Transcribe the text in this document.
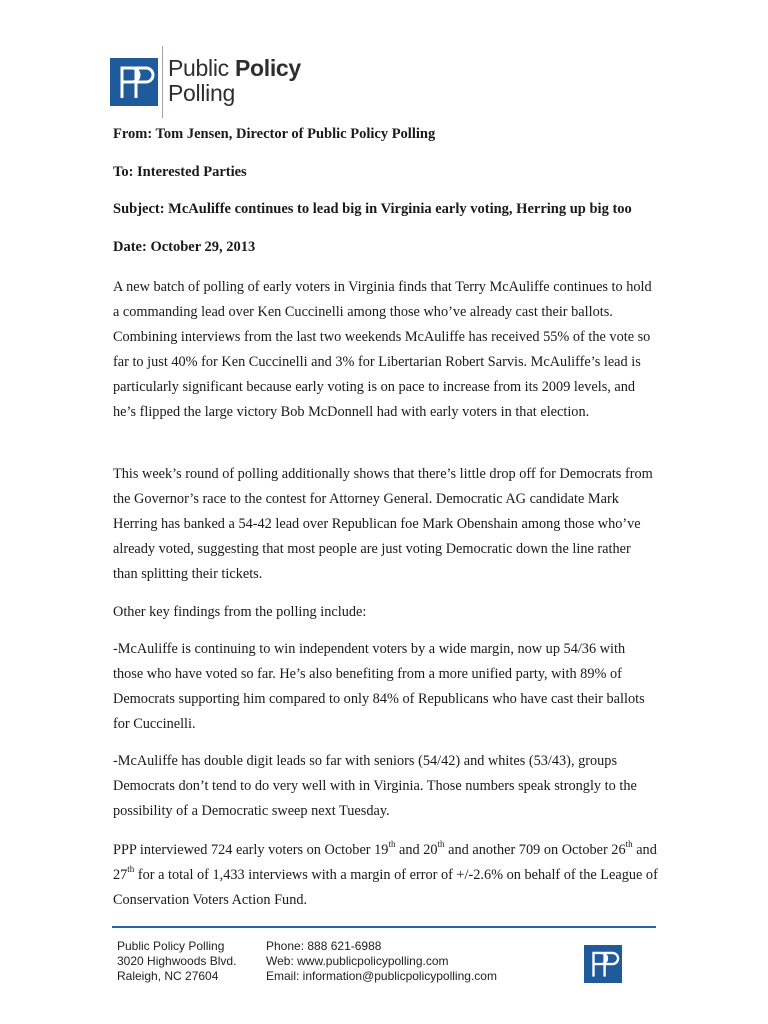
Public Policy
Polling
From: Tom Jensen, Director of Public Policy Polling
To: Interested Parties
Subject: McAuliffe continues to lead big in Virginia early voting, Herring up big too
Date: October 29, 2013

A new batch of polling of early voters in Virginia finds that Terry McAuliffe continues to hold a commanding lead over Ken Cuccinelli among those who’ve already cast their ballots. Combining interviews from the last two weekends McAuliffe has received 55% of the vote so far to just 40% for Ken Cuccinelli and 3% for Libertarian Robert Sarvis. McAuliffe’s lead is particularly significant because early voting is on pace to increase from its 2009 levels, and he’s flipped the large victory Bob McDonnell had with early voters in that election.

This week’s round of polling additionally shows that there’s little drop off for Democrats from the Governor’s race to the contest for Attorney General. Democratic AG candidate Mark Herring has banked a 54-42 lead over Republican foe Mark Obenshain among those who’ve already voted, suggesting that most people are just voting Democratic down the line rather than splitting their tickets.

Other key findings from the polling include:

-McAuliffe is continuing to win independent voters by a wide margin, now up 54/36 with those who have voted so far. He’s also benefiting from a more unified party, with 89% of Democrats supporting him compared to only 84% of Republicans who have cast their ballots for Cuccinelli.

-McAuliffe has double digit leads so far with seniors (54/42) and whites (53/43), groups Democrats don’t tend to do very well with in Virginia. Those numbers speak strongly to the possibility of a Democratic sweep next Tuesday.

PPP interviewed 724 early voters on October 19th and 20th and another 709 on October 26th and 27th for a total of 1,433 interviews with a margin of error of +/-2.6% on behalf of the League of Conservation Voters Action Fund.

Public Policy Polling
3020 Highwoods Blvd.
Raleigh, NC 27604
Phone: 888 621-6988
Web: www.publicpolicypolling.com
Email: information@publicpolicypolling.com
